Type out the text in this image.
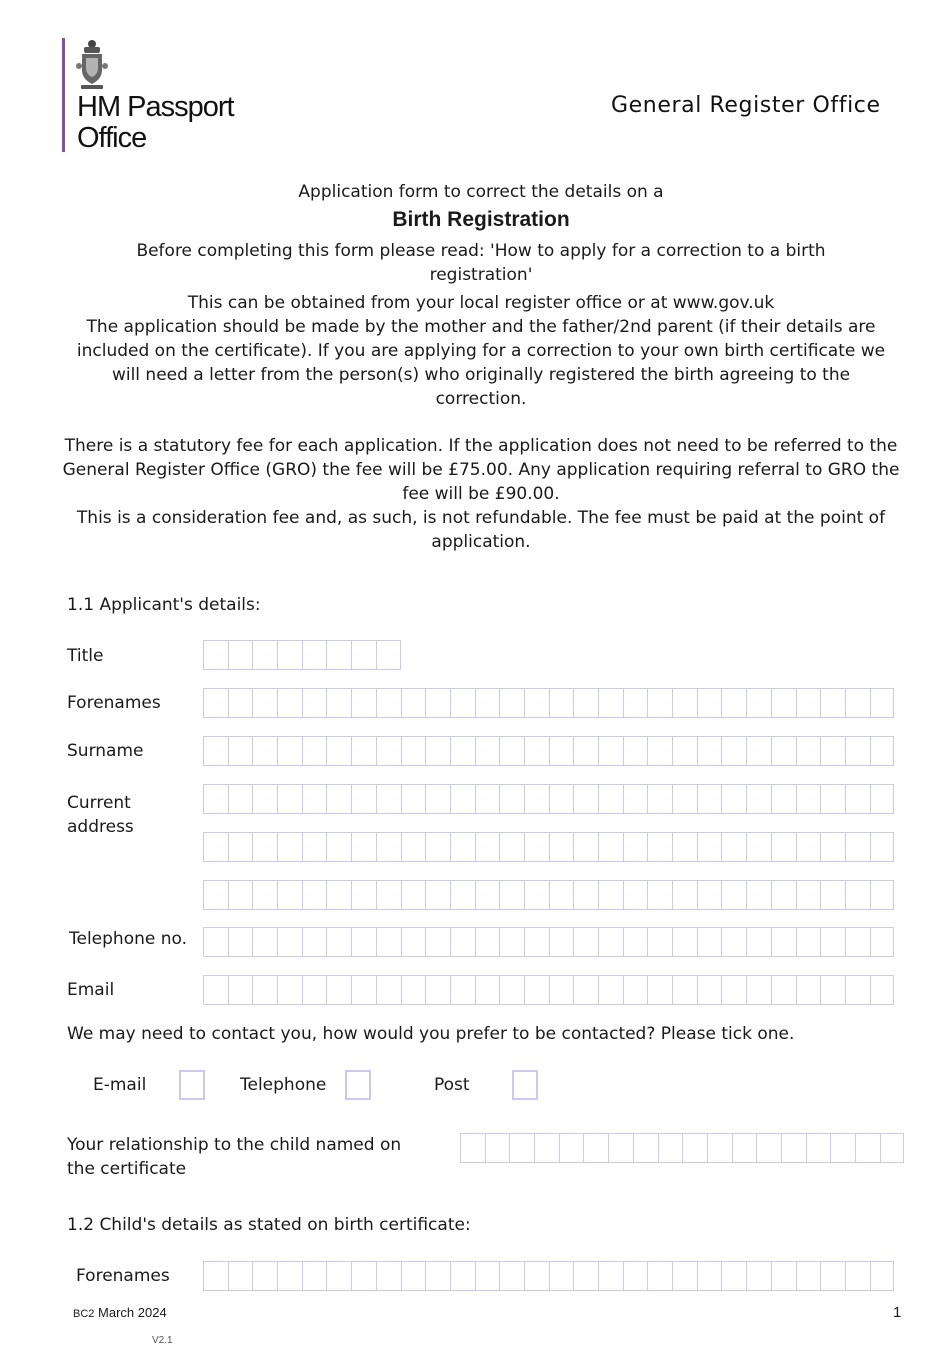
HM Passport
Office
General Register Office
Application form to correct the details on a
Birth Registration
Before completing this form please read: 'How to apply for a correction to a birth registration'
This can be obtained from your local register office or at www.gov.uk
The application should be made by the mother and the father/2nd parent (if their details are included on the certificate). If you are applying for a correction to your own birth certificate we will need a letter from the person(s) who originally registered the birth agreeing to the correction.
There is a statutory fee for each application. If the application does not need to be referred to the General Register Office (GRO) the fee will be £75.00. Any application requiring referral to GRO the fee will be £90.00.
This is a consideration fee and, as such, is not refundable. The fee must be paid at the point of application.
1.1 Applicant's details:
Title
Forenames
Surname
Current
address
Telephone no.
Email
We may need to contact you, how would you prefer to be contacted? Please tick one.
E-mail	Telephone	Post
Your relationship to the child named on
the certificate
1.2 Child's details as stated on birth certificate:
Forenames
BC2 March 2024
V2.1
1
